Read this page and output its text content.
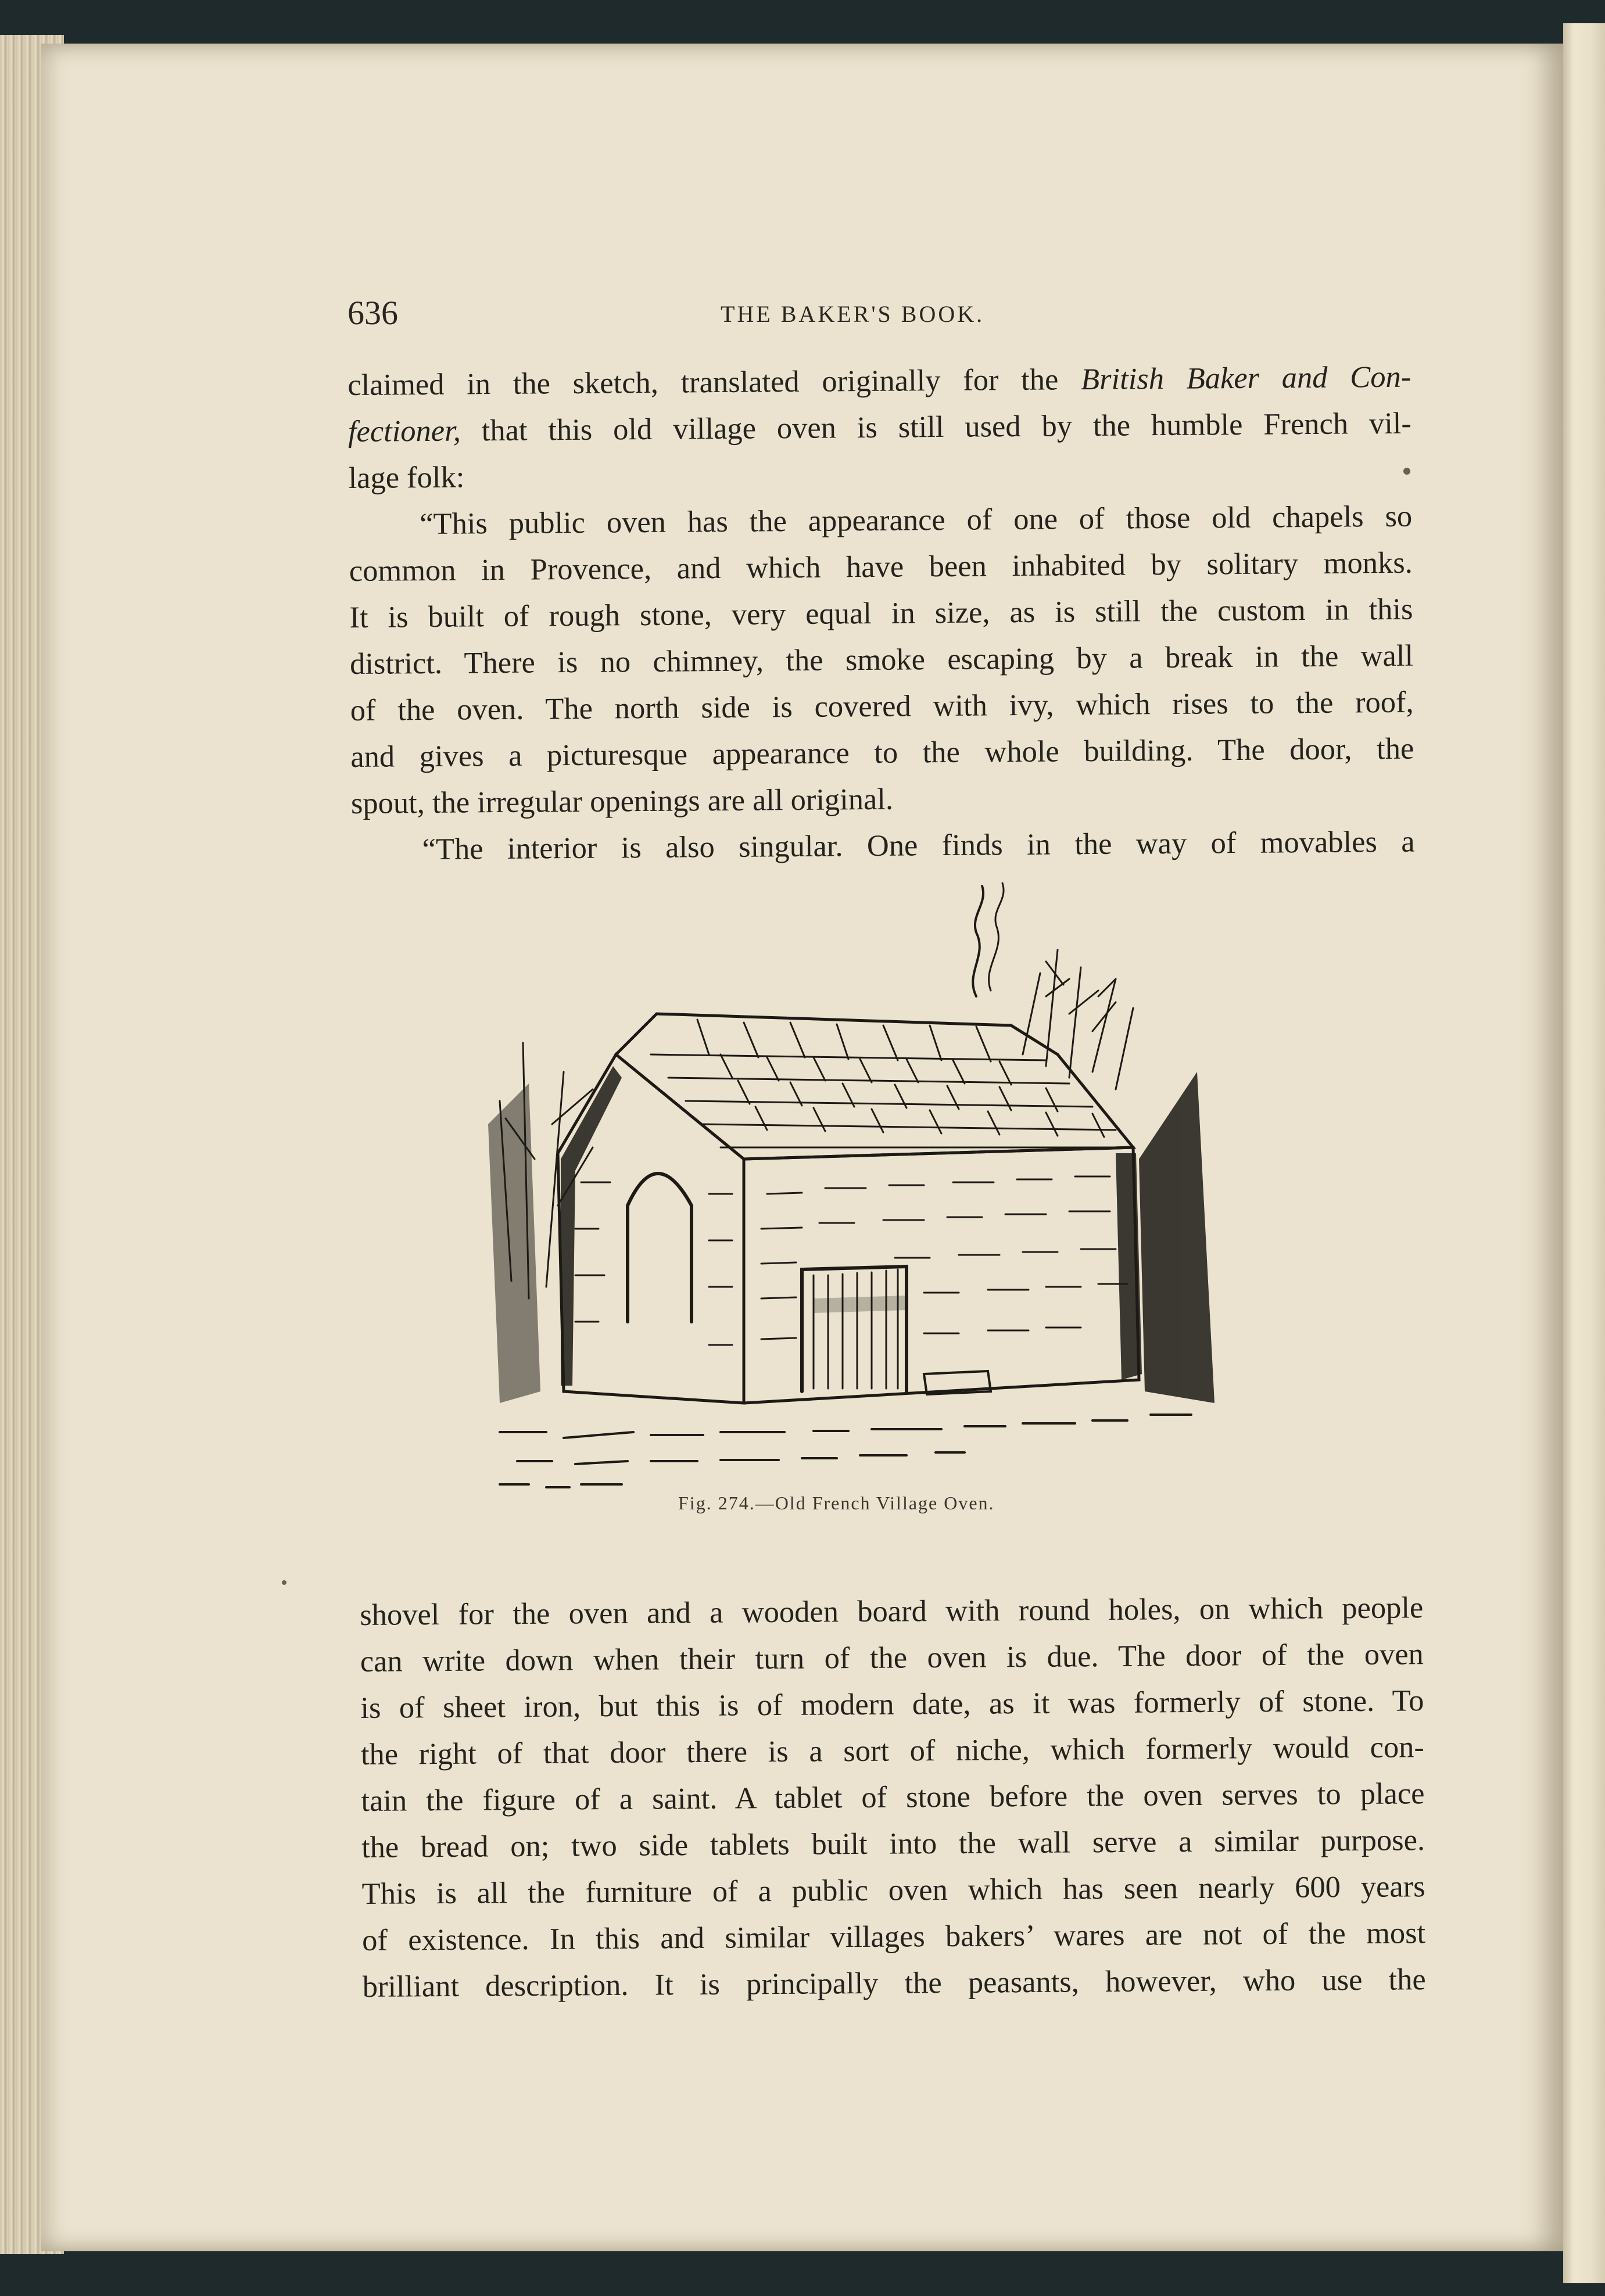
636	THE BAKER'S BOOK.

claimed in the sketch, translated originally for the British Baker and Con-
fectioner, that this old village oven is still used by the humble French vil-
lage folk:

“This public oven has the appearance of one of those old chapels so
common in Provence, and which have been inhabited by solitary monks.
It is built of rough stone, very equal in size, as is still the custom in this
district. There is no chimney, the smoke escaping by a break in the wall
of the oven. The north side is covered with ivy, which rises to the roof,
and gives a picturesque appearance to the whole building. The door, the
spout, the irregular openings are all original.

“The interior is also singular. One finds in the way of movables a

Fig. 274.—Old French Village Oven.
shovel for the oven and a wooden board with round holes, on which people
can write down when their turn of the oven is due. The door of the oven
is of sheet iron, but this is of modern date, as it was formerly of stone. To
the right of that door there is a sort of niche, which formerly would con-
tain the figure of a saint. A tablet of stone before the oven serves to place
the bread on; two side tablets built into the wall serve a similar purpose.
This is all the furniture of a public oven which has seen nearly 600 years
of existence. In this and similar villages bakers’ wares are not of the most
brilliant description. It is principally the peasants, however, who use the
